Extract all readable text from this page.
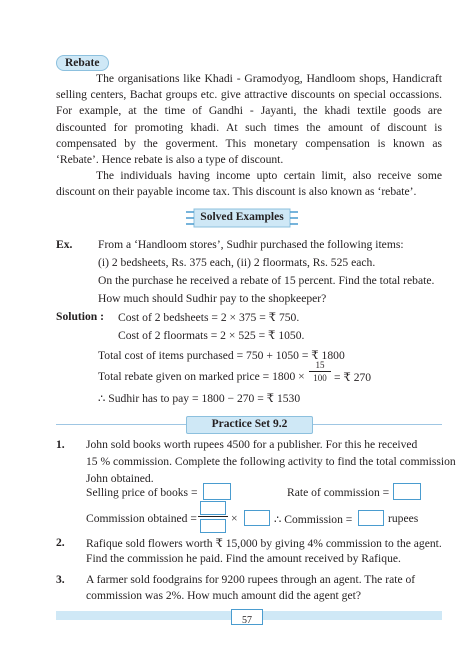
Rebate

The organisations like Khadi - Gramodyog, Handloom shops, Handicraft selling centers, Bachat groups etc. give attractive discounts on special occassions. For example, at the time of Gandhi - Jayanti, the khadi textile goods are discounted for promoting khadi. At such times the amount of discount is compensated by the goverment. This monetary compensation is known as ‘Rebate’. Hence rebate is also a type of discount.

The individuals having income upto certain limit, also receive some discount on their payable income tax. This discount is also known as ‘rebate’.

Solved Examples
Ex. From a ‘Handloom stores’, Sudhir purchased the following items:
(i) 2 bedsheets, Rs. 375 each, (ii) 2 floormats, Rs. 525 each.
On the purchase he received a rebate of 15 percent. Find the total rebate.
How much should Sudhir pay to the shopkeeper?
Solution : Cost of 2 bedsheets = 2 × 375 = ₹ 750.
Cost of 2 floormats = 2 × 525 = ₹ 1050.
Total cost of items purchased = 750 + 1050 = ₹ 1800
Total rebate given on marked price = 1800 ×
15
100 = ₹ 270
∴ Sudhir has to pay = 1800 − 270 = ₹ 1530
Practice Set 9.2
1. John sold books worth rupees 4500 for a publisher. For this he received
15 % commission. Complete the following activity to find the total commission
John obtained.
Selling price of books =	Rate of commission =
Commission obtained =	×	∴ Commission =	rupees
2. Rafique sold flowers worth ₹ 15,000 by giving 4% commission to the agent.
Find the commission he paid. Find the amount received by Rafique.
3. A farmer sold foodgrains for 9200 rupees through an agent. The rate of
commission was 2%. How much amount did the agent get?
57
